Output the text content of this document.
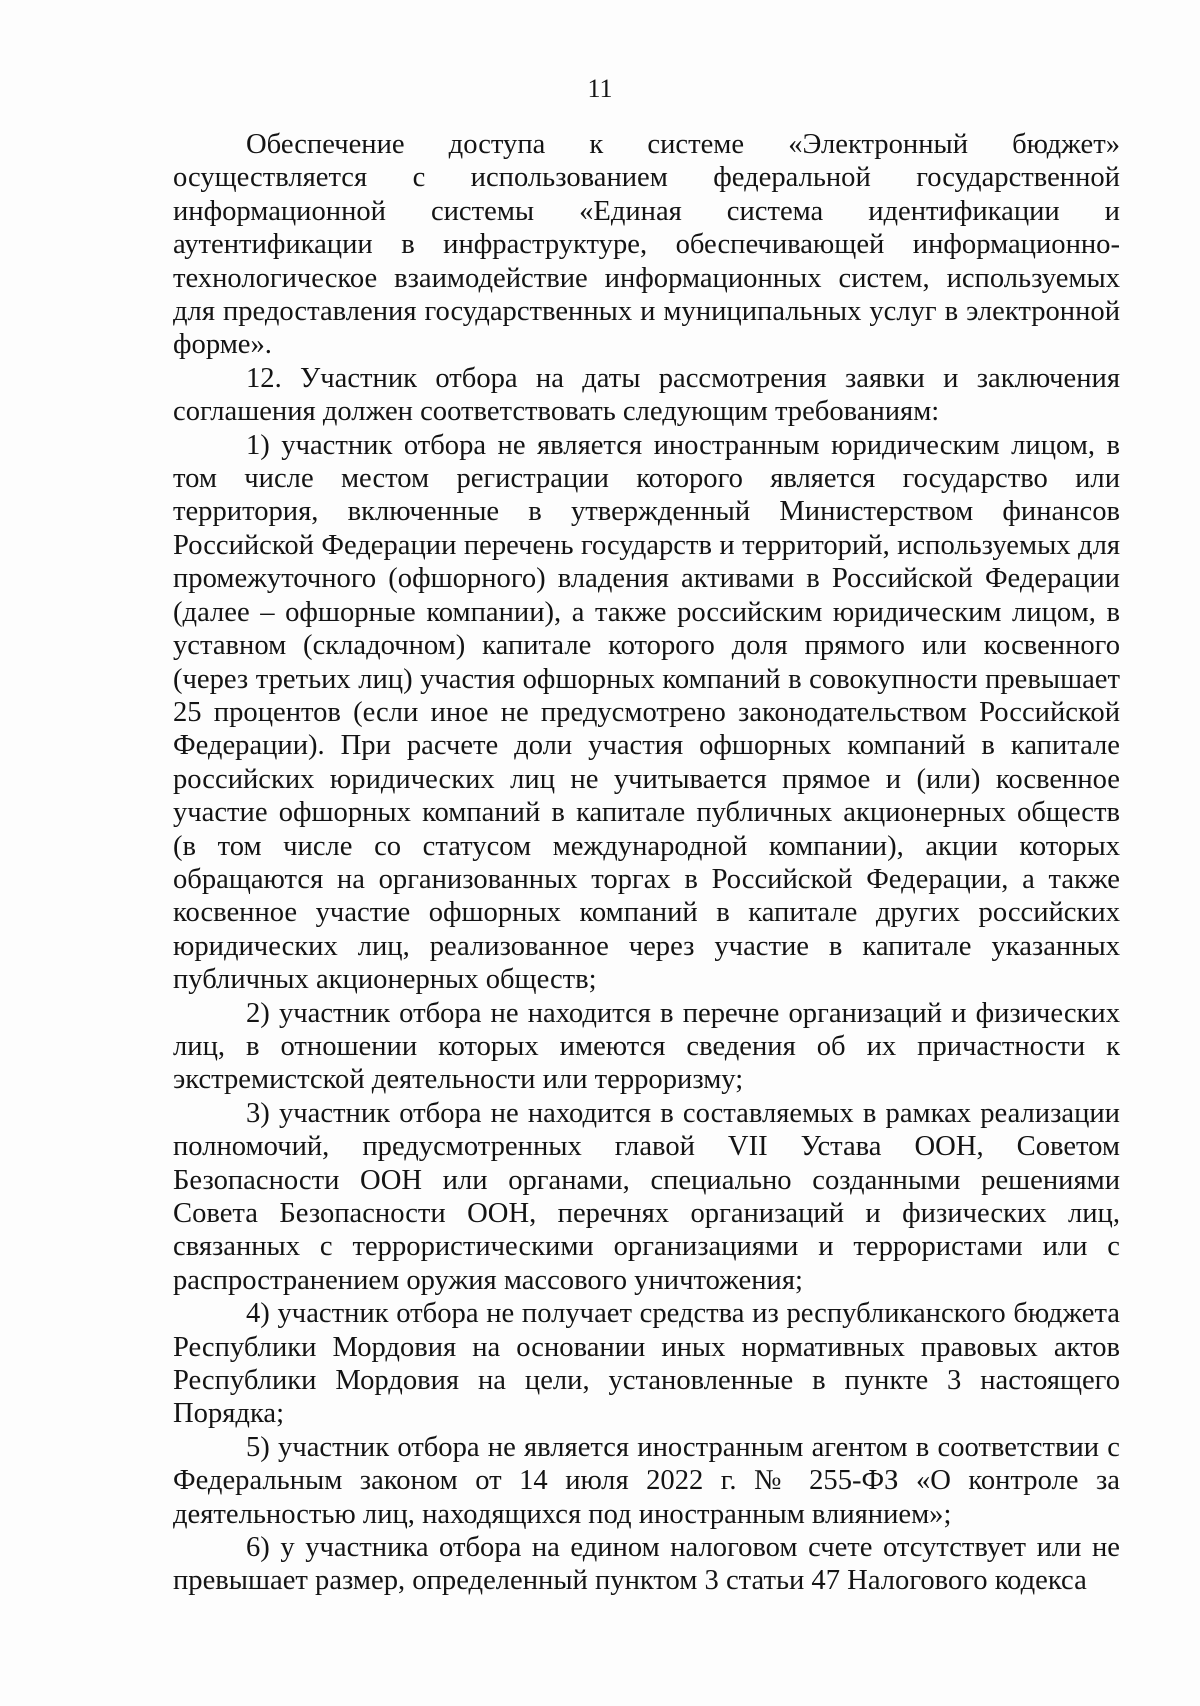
11

Обеспечение доступа к системе «Электронный бюджет» осуществляется с использованием федеральной государственной информационной системы «Единая система идентификации и аутентификации в инфраструктуре, обеспечивающей информационно-технологическое взаимодействие информационных систем, используемых для предоставления государственных и муниципальных услуг в электронной форме».

12. Участник отбора на даты рассмотрения заявки и заключения соглашения должен соответствовать следующим требованиям:

1) участник отбора не является иностранным юридическим лицом, в том числе местом регистрации которого является государство или территория, включенные в утвержденный Министерством финансов Российской Федерации перечень государств и территорий, используемых для промежуточного (офшорного) владения активами в Российской Федерации (далее – офшорные компании), а также российским юридическим лицом, в уставном (складочном) капитале которого доля прямого или косвенного (через третьих лиц) участия офшорных компаний в совокупности превышает 25 процентов (если иное не предусмотрено законодательством Российской Федерации). При расчете доли участия офшорных компаний в капитале российских юридических лиц не учитывается прямое и (или) косвенное участие офшорных компаний в капитале публичных акционерных обществ (в том числе со статусом международной компании), акции которых обращаются на организованных торгах в Российской Федерации, а также косвенное участие офшорных компаний в капитале других российских юридических лиц, реализованное через участие в капитале указанных публичных акционерных обществ;

2) участник отбора не находится в перечне организаций и физических лиц, в отношении которых имеются сведения об их причастности к экстремистской деятельности или терроризму;

3) участник отбора не находится в составляемых в рамках реализации полномочий, предусмотренных главой VII Устава ООН, Советом Безопасности ООН или органами, специально созданными решениями Совета Безопасности ООН, перечнях организаций и физических лиц, связанных с террористическими организациями и террористами или с распространением оружия массового уничтожения;

4) участник отбора не получает средства из республиканского бюджета Республики Мордовия на основании иных нормативных правовых актов Республики Мордовия на цели, установленные в пункте 3 настоящего Порядка;

5) участник отбора не является иностранным агентом в соответствии с Федеральным законом от 14 июля 2022 г. № 255-ФЗ «О контроле за деятельностью лиц, находящихся под иностранным влиянием»;

6) у участника отбора на едином налоговом счете отсутствует или не превышает размер, определенный пунктом 3 статьи 47 Налогового кодекса
